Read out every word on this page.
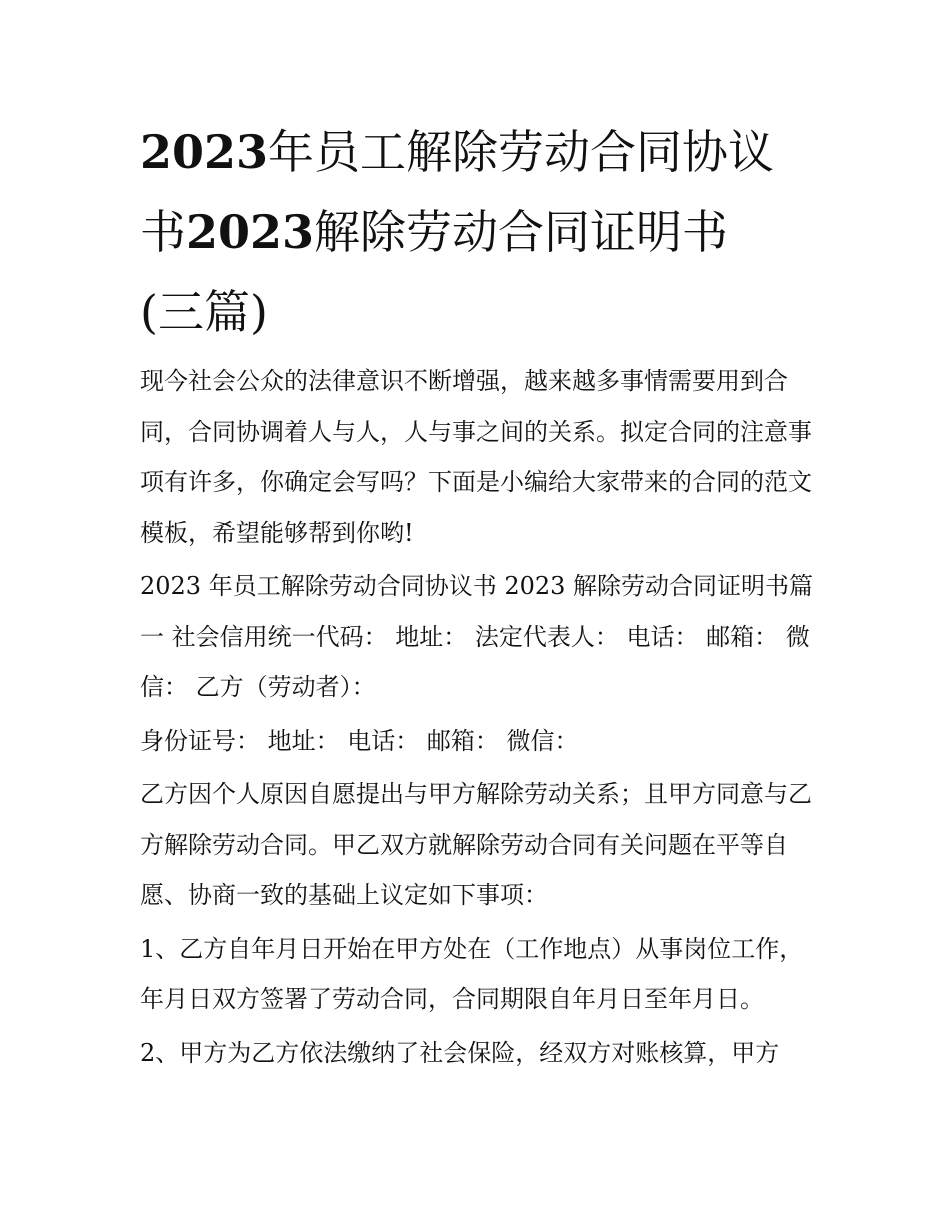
2023年员工解除劳动合同协议
书2023解除劳动合同证明书
(三篇)

现今社会公众的法律意识不断增强，越来越多事情需要用到合同，合同协调着人与人，人与事之间的关系。拟定合同的注意事项有许多，你确定会写吗？下面是小编给大家带来的合同的范文模板，希望能够帮到你哟!

2023 年员工解除劳动合同协议书 2023 解除劳动合同证明书篇一 社会信用统一代码： 地址： 法定代表人： 电话： 邮箱： 微信： 乙方（劳动者）：

身份证号： 地址： 电话： 邮箱： 微信：

乙方因个人原因自愿提出与甲方解除劳动关系；且甲方同意与乙方解除劳动合同。甲乙双方就解除劳动合同有关问题在平等自愿、协商一致的基础上议定如下事项：

1、乙方自年月日开始在甲方处在（工作地点）从事岗位工作，年月日双方签署了劳动合同，合同期限自年月日至年月日。

2、甲方为乙方依法缴纳了社会保险，经双方对账核算，甲方
